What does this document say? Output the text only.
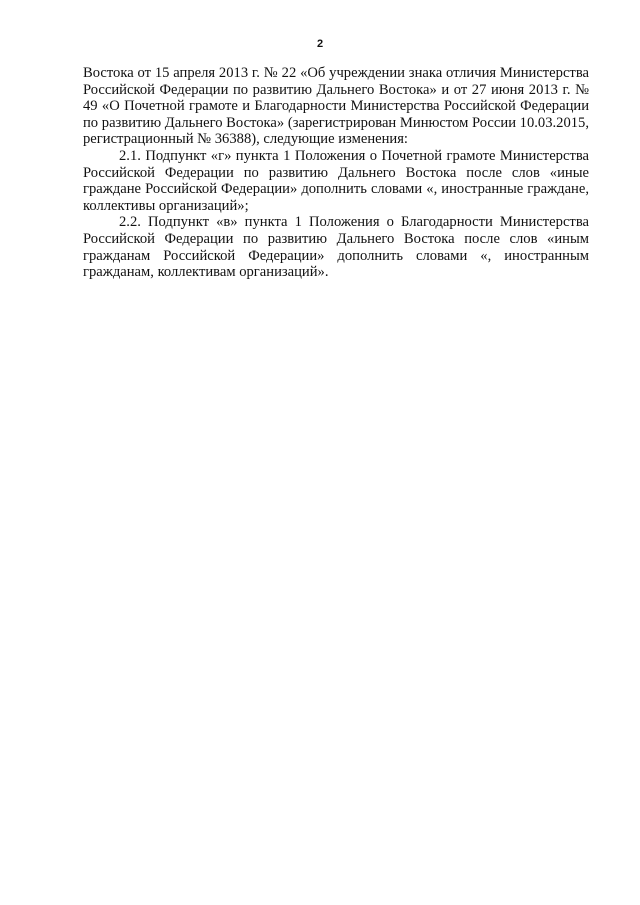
2

Востока от 15 апреля 2013 г. № 22 «Об учреждении знака отличия Министерства Российской Федерации по развитию Дальнего Востока» и от 27 июня 2013 г. № 49 «О Почетной грамоте и Благодарности Министерства Российской Федерации по развитию Дальнего Востока» (зарегистрирован Минюстом России 10.03.2015, регистрационный № 36388), следующие изменения:

2.1. Подпункт «г» пункта 1 Положения о Почетной грамоте Министерства Российской Федерации по развитию Дальнего Востока после слов «иные граждане Российской Федерации» дополнить словами «, иностранные граждане, коллективы организаций»;

2.2. Подпункт «в» пункта 1 Положения о Благодарности Министерства Российской Федерации по развитию Дальнего Востока после слов «иным гражданам Российской Федерации» дополнить словами «, иностранным гражданам, коллективам организаций».
